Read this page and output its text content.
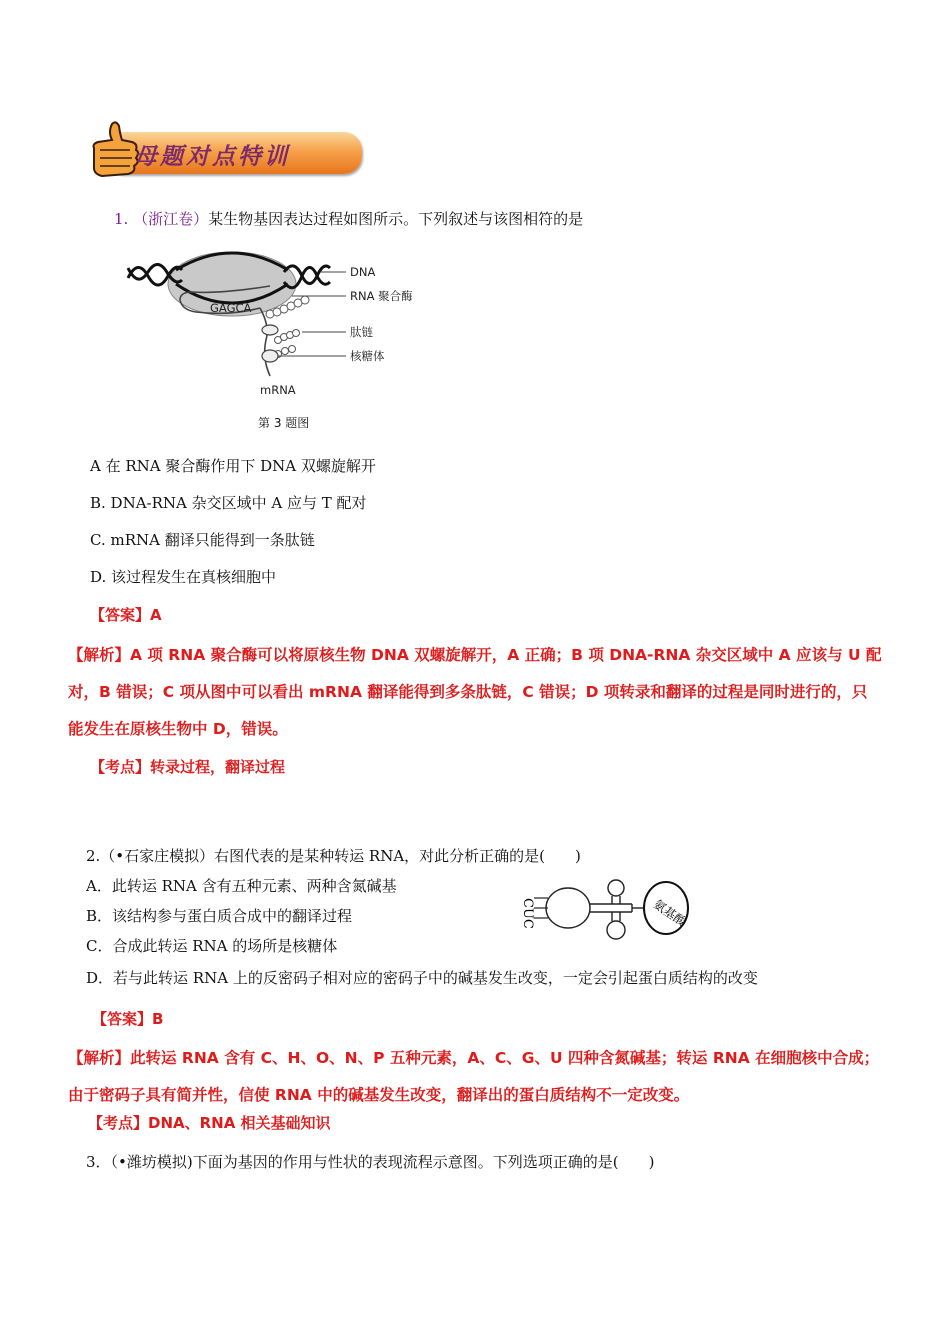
母题对点特训
1. （浙江卷）某生物基因表达过程如图所示。下列叙述与该图相符的是
GAGCA
DNA
RNA 聚合酶
肽链
核糖体
mRNA
第 3 题图
A 在 RNA 聚合酶作用下 DNA 双螺旋解开
B. DNA-RNA 杂交区域中 A 应与 T 配对
C. mRNA 翻译只能得到一条肽链
D. 该过程发生在真核细胞中
【答案】A
【解析】A 项 RNA 聚合酶可以将原核生物 DNA 双螺旋解开，A 正确；B 项 DNA-RNA 杂交区域中 A 应该与 U 配
对，B 错误；C 项从图中可以看出 mRNA 翻译能得到多条肽链，C 错误；D 项转录和翻译的过程是同时进行的，只
能发生在原核生物中 D，错误。
【考点】转录过程，翻译过程
2.（•石家庄模拟）右图代表的是某种转运 RNA，对此分析正确的是(　　)
A．此转运 RNA 含有五种元素、两种含氮碱基
B．该结构参与蛋白质合成中的翻译过程
C．合成此转运 RNA 的场所是核糖体
D．若与此转运 RNA 上的反密码子相对应的密码子中的碱基发生改变，一定会引起蛋白质结构的改变
CUC	氨基酸
【答案】B
【解析】此转运 RNA 含有 C、H、O、N、P 五种元素，A、C、G、U 四种含氮碱基；转运 RNA 在细胞核中合成；
由于密码子具有简并性，信使 RNA 中的碱基发生改变，翻译出的蛋白质结构不一定改变。
【考点】DNA、RNA 相关基础知识
3．（•潍坊模拟)下面为基因的作用与性状的表现流程示意图。下列选项正确的是(　　)
